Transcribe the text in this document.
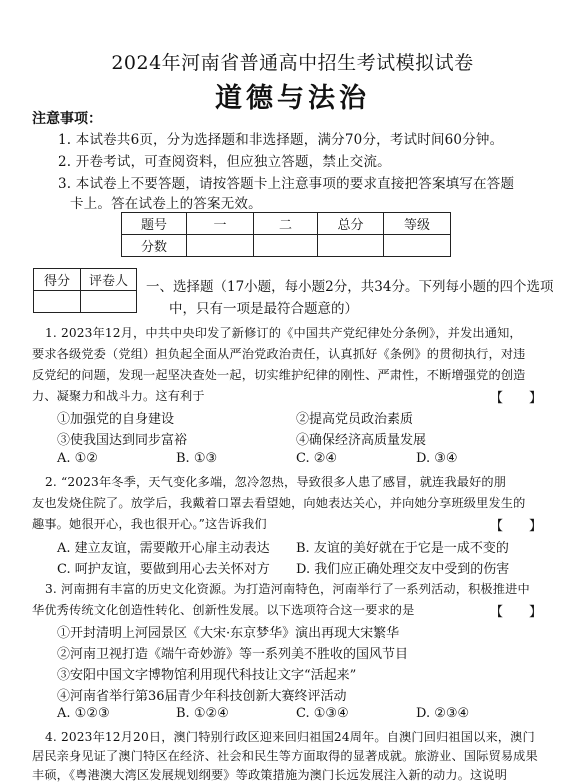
2024年河南省普通高中招生考试模拟试卷
道德与法治
注意事项：
1. 本试卷共6页，分为选择题和非选择题，满分70分，考试时间60分钟。
2. 开卷考试，可查阅资料，但应独立答题，禁止交流。
3. 本试卷上不要答题，请按答题卡上注意事项的要求直接把答案填写在答题
卡上。答在试卷上的答案无效。
题号	一	二	总分	等级
分数				
得分	评卷人
	一、选择题（17小题，每小题2分，共34分。下列每小题的四个选项
中，只有一项是最符合题意的）
1. 2023年12月，中共中央印发了新修订的《中国共产党纪律处分条例》，并发出通知，
要求各级党委（党组）担负起全面从严治党政治责任，认真抓好《条例》的贯彻执行，对违
反党纪的问题，发现一起坚决查处一起，切实维护纪律的刚性、严肃性，不断增强党的创造
力、凝聚力和战斗力。这有利于	【　　】
①加强党的自身建设	②提高党员政治素质
③使我国达到同步富裕	④确保经济高质量发展
A. ①②	B. ①③	C. ②④	D. ③④
2. “2023年冬季，天气变化多端，忽冷忽热，导致很多人患了感冒，就连我最好的朋
友也发烧住院了。放学后，我戴着口罩去看望她，向她表达关心，并向她分享班级里发生的
趣事。她很开心，我也很开心。”这告诉我们	【　　】
A. 建立友谊，需要敞开心扉主动表达 B. 友谊的美好就在于它是一成不变的
C. 呵护友谊，要做到用心去关怀对方 D. 我们应正确处理交友中受到的伤害
3. 河南拥有丰富的历史文化资源。为打造河南特色，河南举行了一系列活动，积极推进中
华优秀传统文化创造性转化、创新性发展。以下选项符合这一要求的是	【　　】
①开封清明上河园景区《大宋·东京梦华》演出再现大宋繁华
②河南卫视打造《端午奇妙游》等一系列美不胜收的国风节目
③安阳中国文字博物馆利用现代科技让文字“活起来”
④河南省举行第36届青少年科技创新大赛终评活动
A. ①②③	B. ①②④	C. ①③④	D. ②③④
4. 2023年12月20日，澳门特别行政区迎来回归祖国24周年。自澳门回归祖国以来，澳门
居民亲身见证了澳门特区在经济、社会和民生等方面取得的显著成就。旅游业、国际贸易成果
丰硕，《粤港澳大湾区发展规划纲要》等政策措施为澳门长远发展注入新的动力。这说明
